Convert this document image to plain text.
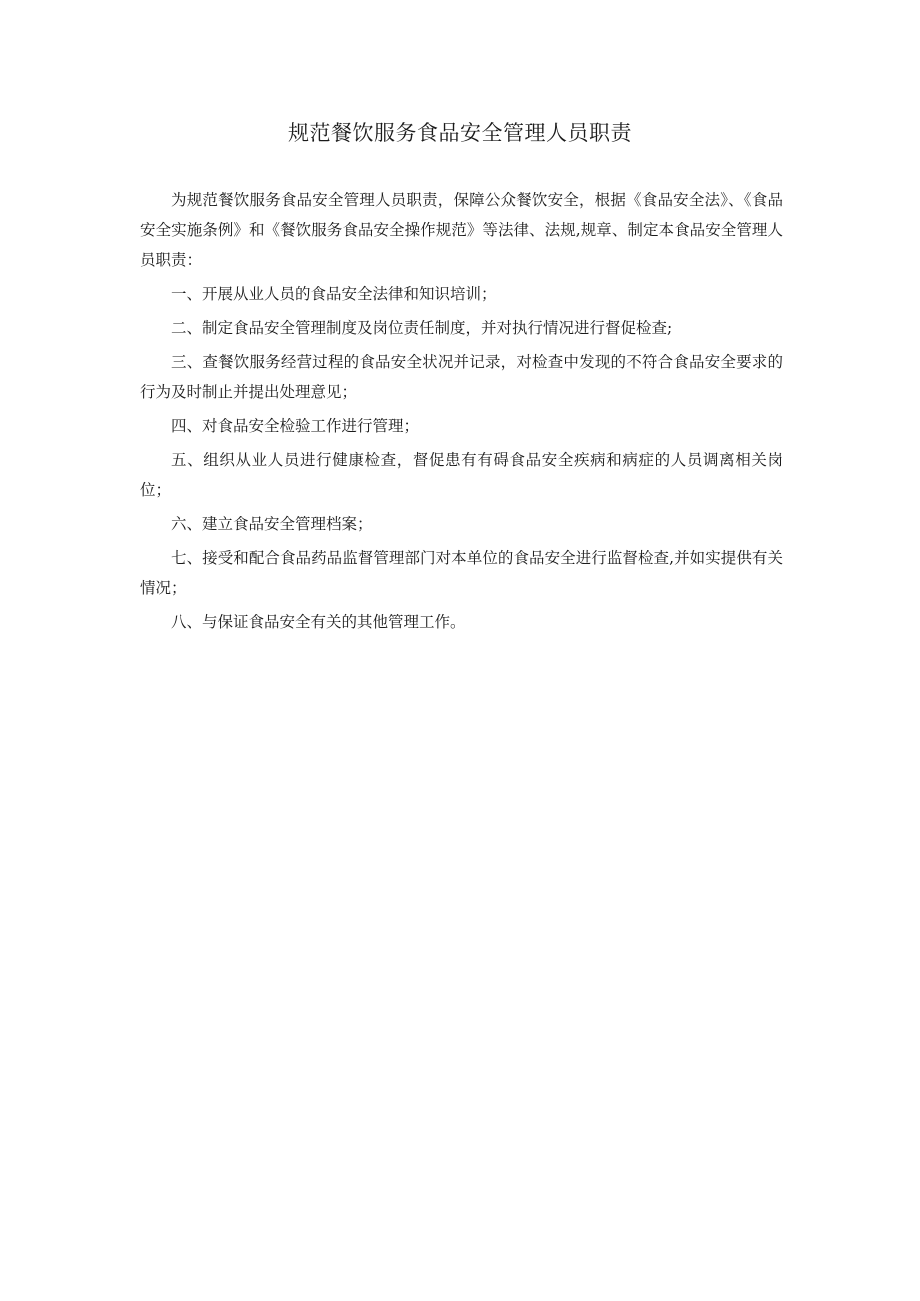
规范餐饮服务食品安全管理人员职责

为规范餐饮服务食品安全管理人员职责，保障公众餐饮安全，根据《食品安全法》、《食品安全实施条例》和《餐饮服务食品安全操作规范》等法律、法规,规章、制定本食品安全管理人员职责：

一、开展从业人员的食品安全法律和知识培训；

二、制定食品安全管理制度及岗位责任制度，并对执行情况进行督促检查;

三、查餐饮服务经营过程的食品安全状况并记录，对检查中发现的不符合食品安全要求的行为及时制止并提出处理意见；

四、对食品安全检验工作进行管理；

五、组织从业人员进行健康检查，督促患有有碍食品安全疾病和病症的人员调离相关岗位；

六、建立食品安全管理档案；

七、接受和配合食品药品监督管理部门对本单位的食品安全进行监督检查,并如实提供有关情况；

八、与保证食品安全有关的其他管理工作。
